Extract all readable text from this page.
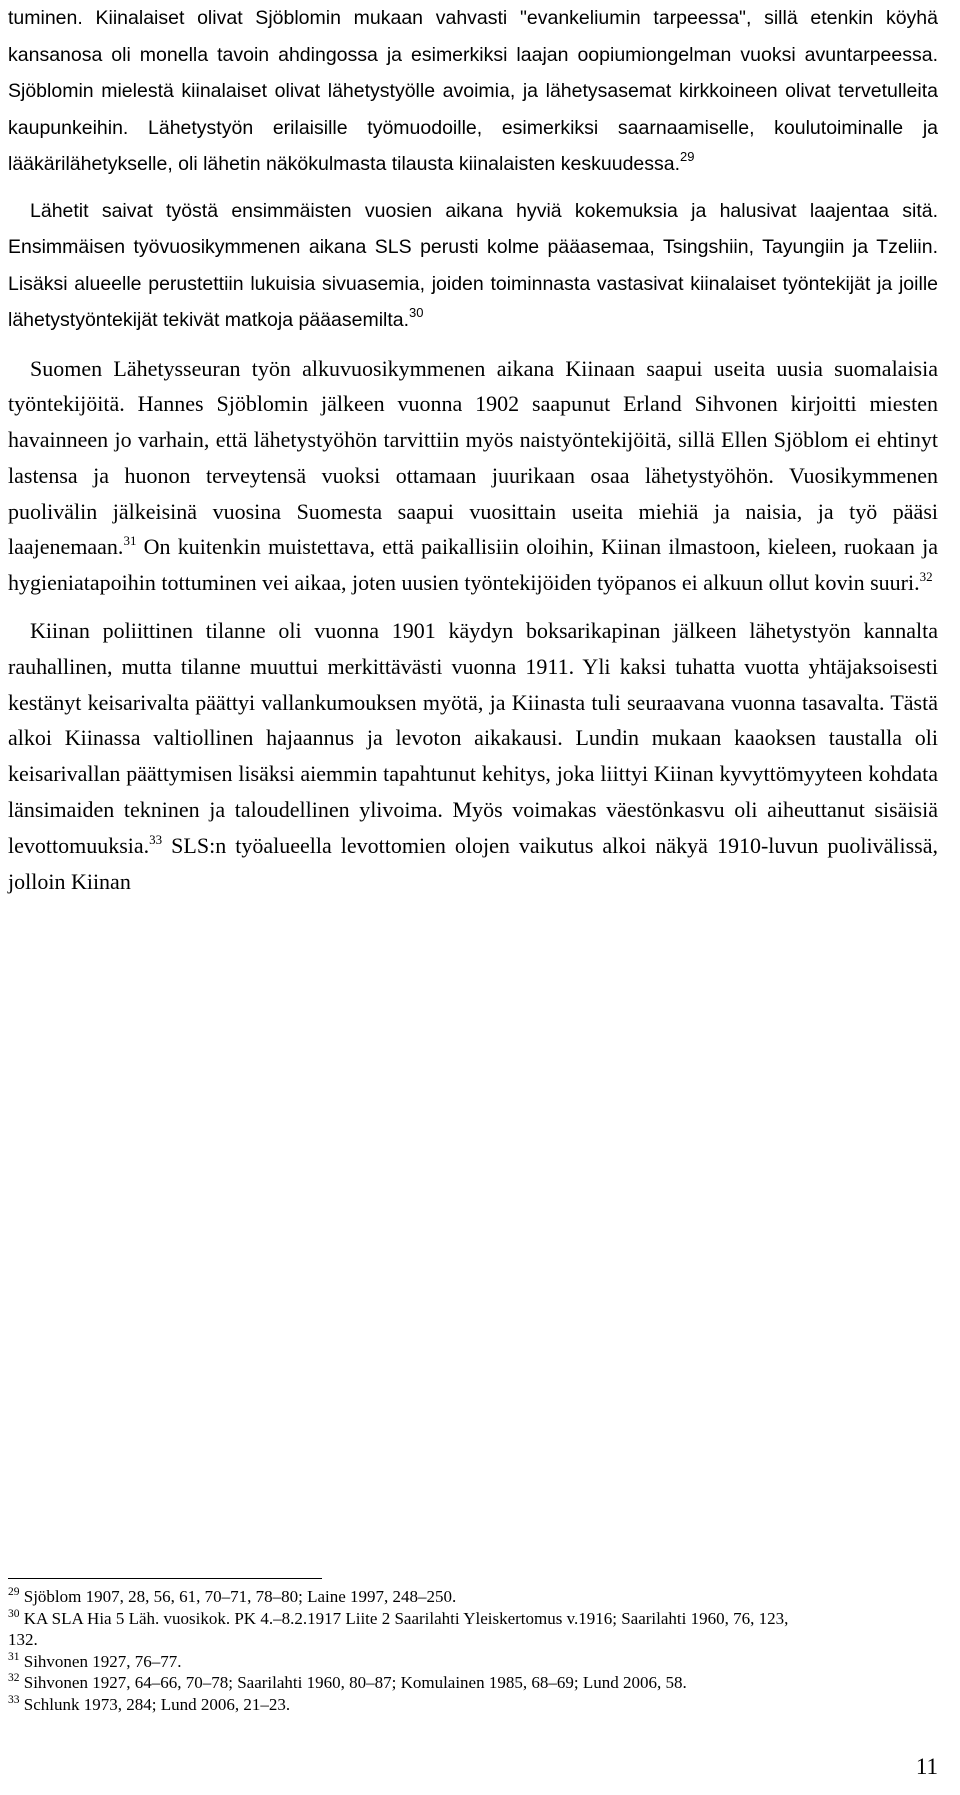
tuminen. Kiinalaiset olivat Sjöblomin mukaan vahvasti "evankeliumin tarpeessa", sillä etenkin köyhä kansanosa oli monella tavoin ahdingossa ja esimerkiksi laajan oopiumiongelman vuoksi avuntarpeessa. Sjöblomin mielestä kiinalaiset olivat lähetystyölle avoimia, ja lähetysasemat kirkkoineen olivat tervetulleita kaupunkeihin. Lähetystyön erilaisille työmuodoille, esimerkiksi saarnaamiselle, koulutoiminalle ja lääkärilähetykselle, oli lähetin näkökulmasta tilausta kiinalaisten keskuudessa.$^{29}$

Lähetit saivat työstä ensimmäisten vuosien aikana hyviä kokemuksia ja halusivat laajentaa sitä. Ensimmäisen työvuosikymmenen aikana SLS perusti kolme pääasemaa, Tsingshiin, Tayungiin ja Tzeliin. Lisäksi alueelle perustettiin lukuisia sivuasemia, joiden toiminnasta vastasivat kiinalaiset työntekijät ja joille lähetystyöntekijät tekivät matkoja pääasemilta.$^{30}$

Suomen Lähetysseuran työn alkuvuosikymmenen aikana Kiinaan saapui useita uusia suomalaisia työntekijöitä. Hannes Sjöblomin jälkeen vuonna 1902 saapunut Erland Sihvonen kirjoitti miesten havainneen jo varhain, että lähetystyöhön tarvittiin myös naistyöntekijöitä, sillä Ellen Sjöblom ei ehtinyt lastensa ja huonon terveytensä vuoksi ottamaan juurikaan osaa lähetystyöhön. Vuosikymmenen puolivälin jälkeisinä vuosina Suomesta saapui vuosittain useita miehiä ja naisia, ja työ pääsi laajenemaan.$^{31}$ On kuitenkin muistettava, että paikallisiin oloihin, Kiinan ilmastoon, kieleen, ruokaan ja hygieniatapoihin tottuminen vei aikaa, joten uusien työntekijöiden työpanos ei alkuun ollut kovin suuri.$^{32}$

Kiinan poliittinen tilanne oli vuonna 1901 käydyn boksarikapinan jälkeen lähetystyön kannalta rauhallinen, mutta tilanne muuttui merkittävästi vuonna 1911. Yli kaksi tuhatta vuotta yhtäjaksoisesti kestänyt keisarivalta päättyi vallankumouksen myötä, ja Kiinasta tuli seuraavana vuonna tasavalta. Tästä alkoi Kiinassa valtiollinen hajaannus ja levoton aikakausi. Lundin mukaan kaaoksen taustalla oli keisarivallan päättymisen lisäksi aiemmin tapahtunut kehitys, joka liittyi Kiinan kyvyttömyyteen kohdata länsimaiden tekninen ja taloudellinen ylivoima. Myös voimakas väestönkasvu oli aiheuttanut sisäisiä levottomuuksia.$^{33}$ SLS:n työalueella levottomien olojen vaikutus alkoi näkyä 1910-luvun puolivälissä, jolloin Kiinan

$^{29}$ Sjöblom 1907, 28, 56, 61, 70–71, 78–80; Laine 1997, 248–250.

$^{30}$ KA SLA Hia 5 Läh. vuosikok. PK 4.–8.2.1917 Liite 2 Saarilahti Yleiskertomus v.1916; Saarilahti 1960, 76, 123, 132.

$^{31}$ Sihvonen 1927, 76–77.

$^{32}$ Sihvonen 1927, 64–66, 70–78; Saarilahti 1960, 80–87; Komulainen 1985, 68–69; Lund 2006, 58.

$^{33}$ Schlunk 1973, 284; Lund 2006, 21–23.

11
